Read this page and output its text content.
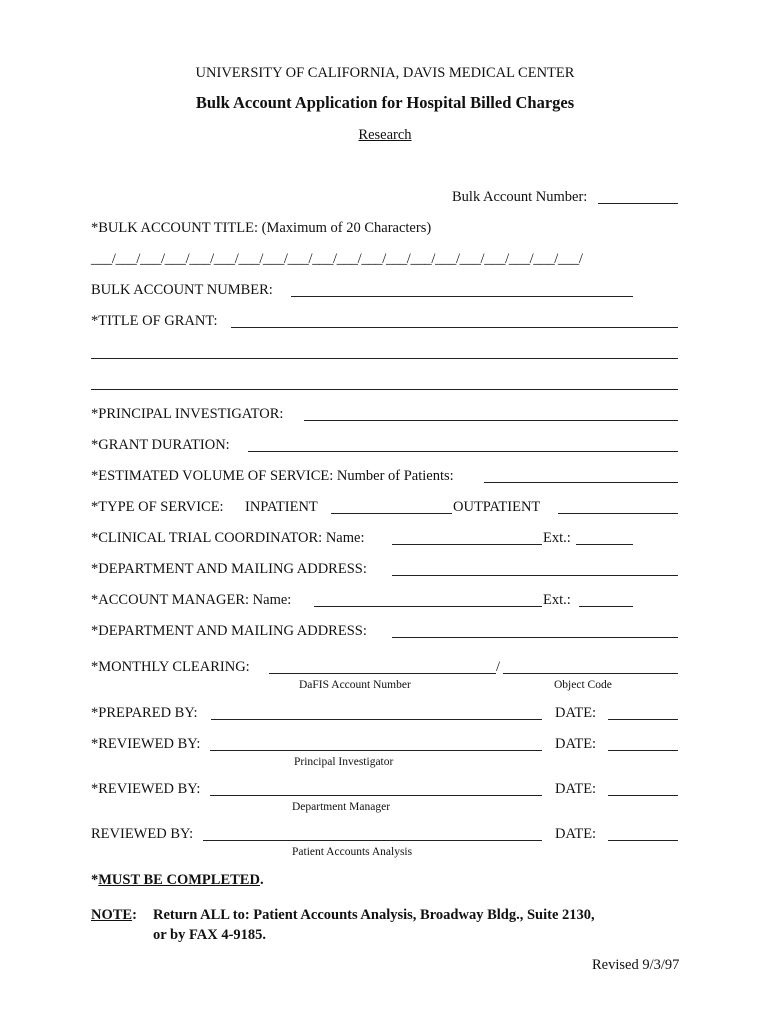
UNIVERSITY OF CALIFORNIA, DAVIS MEDICAL CENTER
Bulk Account Application for Hospital Billed Charges
Research
Bulk Account Number:
*BULK ACCOUNT TITLE: (Maximum of 20 Characters)
___/___/___/___/___/___/___/___/___/___/___/___/___/___/___/___/___/___/___/___/
BULK ACCOUNT NUMBER:
*TITLE OF GRANT:
*PRINCIPAL INVESTIGATOR:
*GRANT DURATION:
*ESTIMATED VOLUME OF SERVICE: Number of Patients:
*TYPE OF SERVICE: INPATIENT	OUTPATIENT
*CLINICAL TRIAL COORDINATOR: Name:	Ext.:
*DEPARTMENT AND MAILING ADDRESS:
*ACCOUNT MANAGER: Name:	Ext.:
*DEPARTMENT AND MAILING ADDRESS:
*MONTHLY CLEARING:	/
DaFIS Account Number	Object Code
*PREPARED BY:	DATE:
*REVIEWED BY:	DATE:
Principal Investigator
*REVIEWED BY:	DATE:
Department Manager
REVIEWED BY:	DATE:
Patient Accounts Analysis
*MUST BE COMPLETED.
NOTE: Return ALL to: Patient Accounts Analysis, Broadway Bldg., Suite 2130,
or by FAX 4-9185.
Revised 9/3/97
